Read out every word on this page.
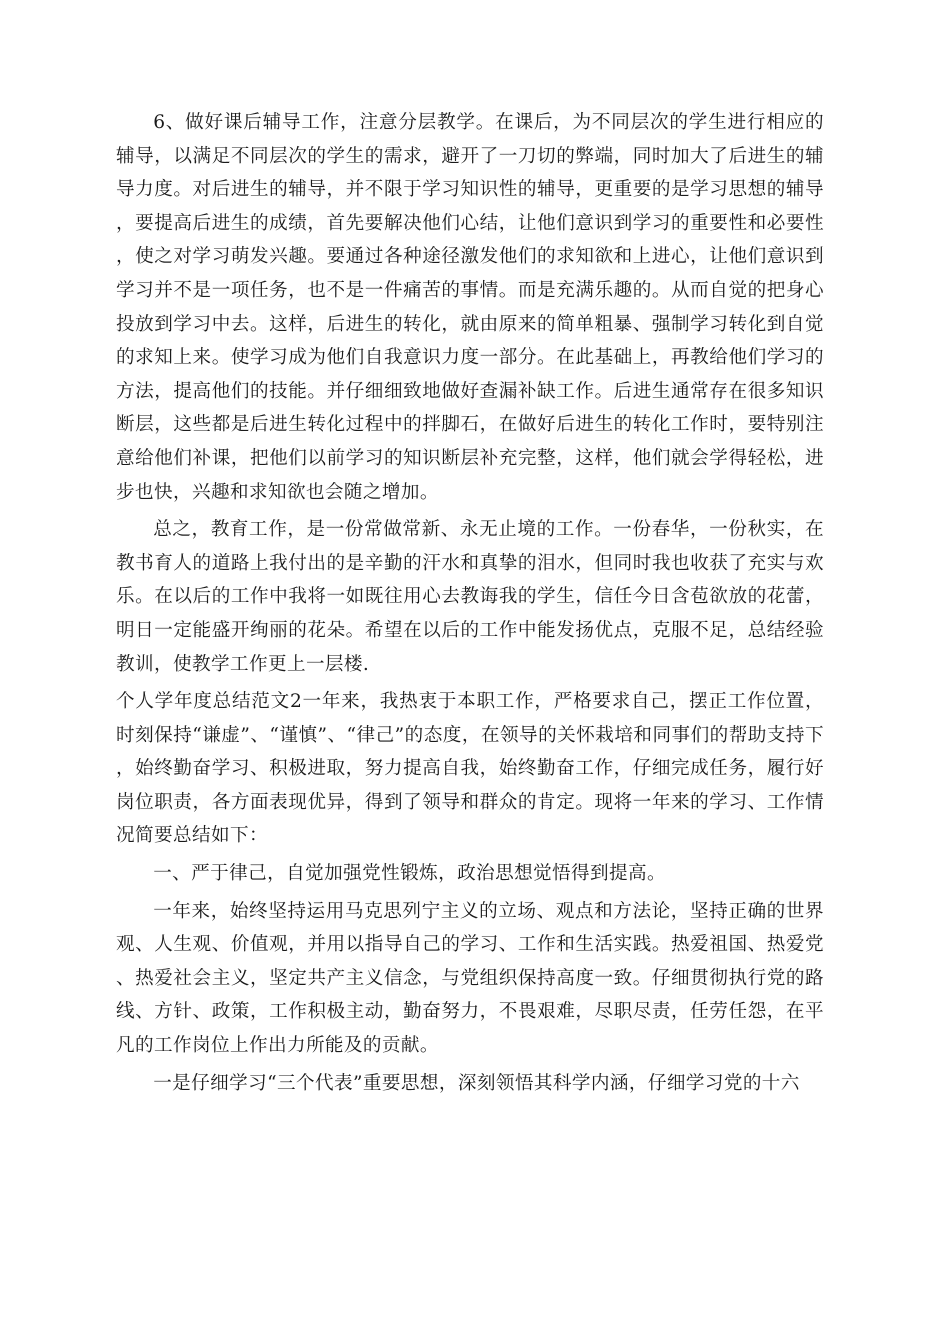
6、做好课后辅导工作，注意分层教学。在课后，为不同层次的学生进行相应的辅导，以满足不同层次的学生的需求，避开了一刀切的弊端，同时加大了后进生的辅导力度。对后进生的辅导，并不限于学习知识性的辅导，更重要的是学习思想的辅导，要提高后进生的成绩，首先要解决他们心结，让他们意识到学习的重要性和必要性，使之对学习萌发兴趣。要通过各种途径激发他们的求知欲和上进心，让他们意识到学习并不是一项任务，也不是一件痛苦的事情。而是充满乐趣的。从而自觉的把身心投放到学习中去。这样，后进生的转化，就由原来的简单粗暴、强制学习转化到自觉的求知上来。使学习成为他们自我意识力度一部分。在此基础上，再教给他们学习的方法，提高他们的技能。并仔细细致地做好查漏补缺工作。后进生通常存在很多知识断层，这些都是后进生转化过程中的拌脚石，在做好后进生的转化工作时，要特别注意给他们补课，把他们以前学习的知识断层补充完整，这样，他们就会学得轻松，进步也快，兴趣和求知欲也会随之增加。

总之，教育工作，是一份常做常新、永无止境的工作。一份春华，一份秋实，在教书育人的道路上我付出的是辛勤的汗水和真挚的泪水，但同时我也收获了充实与欢乐。在以后的工作中我将一如既往用心去教诲我的学生，信任今日含苞欲放的花蕾，明日一定能盛开绚丽的花朵。希望在以后的工作中能发扬优点，克服不足，总结经验教训，使教学工作更上一层楼.

个人学年度总结范文2一年来，我热衷于本职工作，严格要求自己，摆正工作位置，时刻保持“谦虚”、“谨慎”、“律己”的态度，在领导的关怀栽培和同事们的帮助支持下，始终勤奋学习、积极进取，努力提高自我，始终勤奋工作，仔细完成任务，履行好岗位职责，各方面表现优异，得到了领导和群众的肯定。现将一年来的学习、工作情况简要总结如下：

一、严于律己，自觉加强党性锻炼，政治思想觉悟得到提高。

一年来，始终坚持运用马克思列宁主义的立场、观点和方法论，坚持正确的世界观、人生观、价值观，并用以指导自己的学习、工作和生活实践。热爱祖国、热爱党、热爱社会主义，坚定共产主义信念，与党组织保持高度一致。仔细贯彻执行党的路线、方针、政策，工作积极主动，勤奋努力，不畏艰难，尽职尽责，任劳任怨，在平凡的工作岗位上作出力所能及的贡献。

一是仔细学习“三个代表”重要思想，深刻领悟其科学内涵，仔细学习党的十六
